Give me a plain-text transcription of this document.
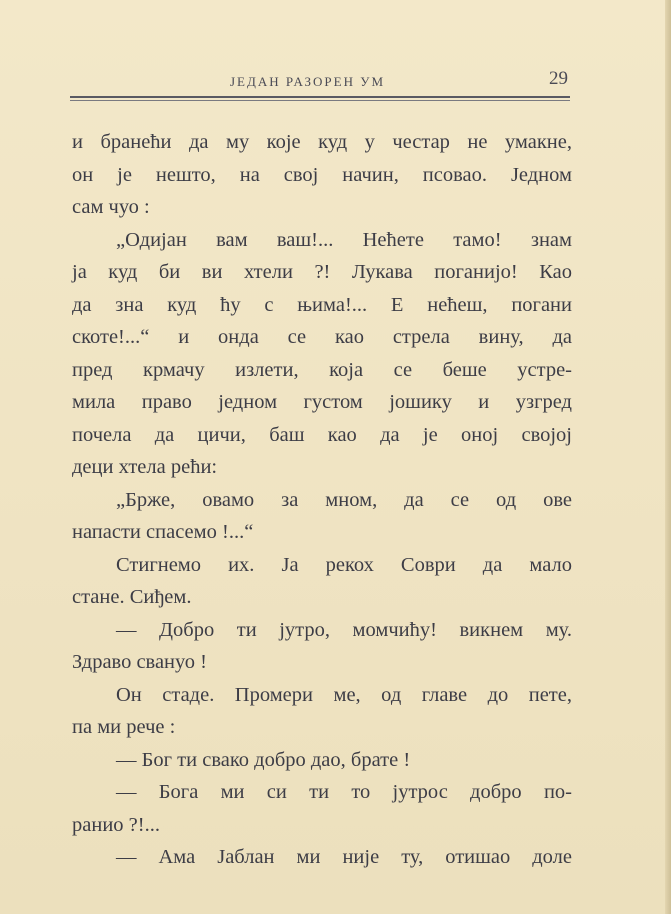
ЈЕДАН РАЗОРЕН УМ	29
и бранећи да му које куд у честар не умакне,
он је нешто, на свој начин, псовао. Једном
сам чуо :
„Одијан вам ваш!... Нећете тамо! знам
ја куд би ви хтели ?! Лукава поганијо! Као
да зна куд ћу с њима!... Е нећеш, погани
скоте!...“ и онда се као стрела вину, да
пред крмачу излети, која се беше устре-
мила право једном густом јошику и узгред
почела да цичи, баш као да је оној својој
деци хтела рећи:
„Брже, овамо за мном, да се од ове
напасти спасемо !...“
Стигнемо их. Ја рекох Соври да мало
стане. Сиђем.
— Добро ти јутро, момчићу! викнем му.
Здраво свануо !
Он стаде. Промери ме, од главе до пете,
па ми рече :
— Бог ти свако добро дао, брате !
— Бога ми си ти то јутрос добро по-
ранио ?!...
— Ама Јаблан ми није ту, отишао доле
